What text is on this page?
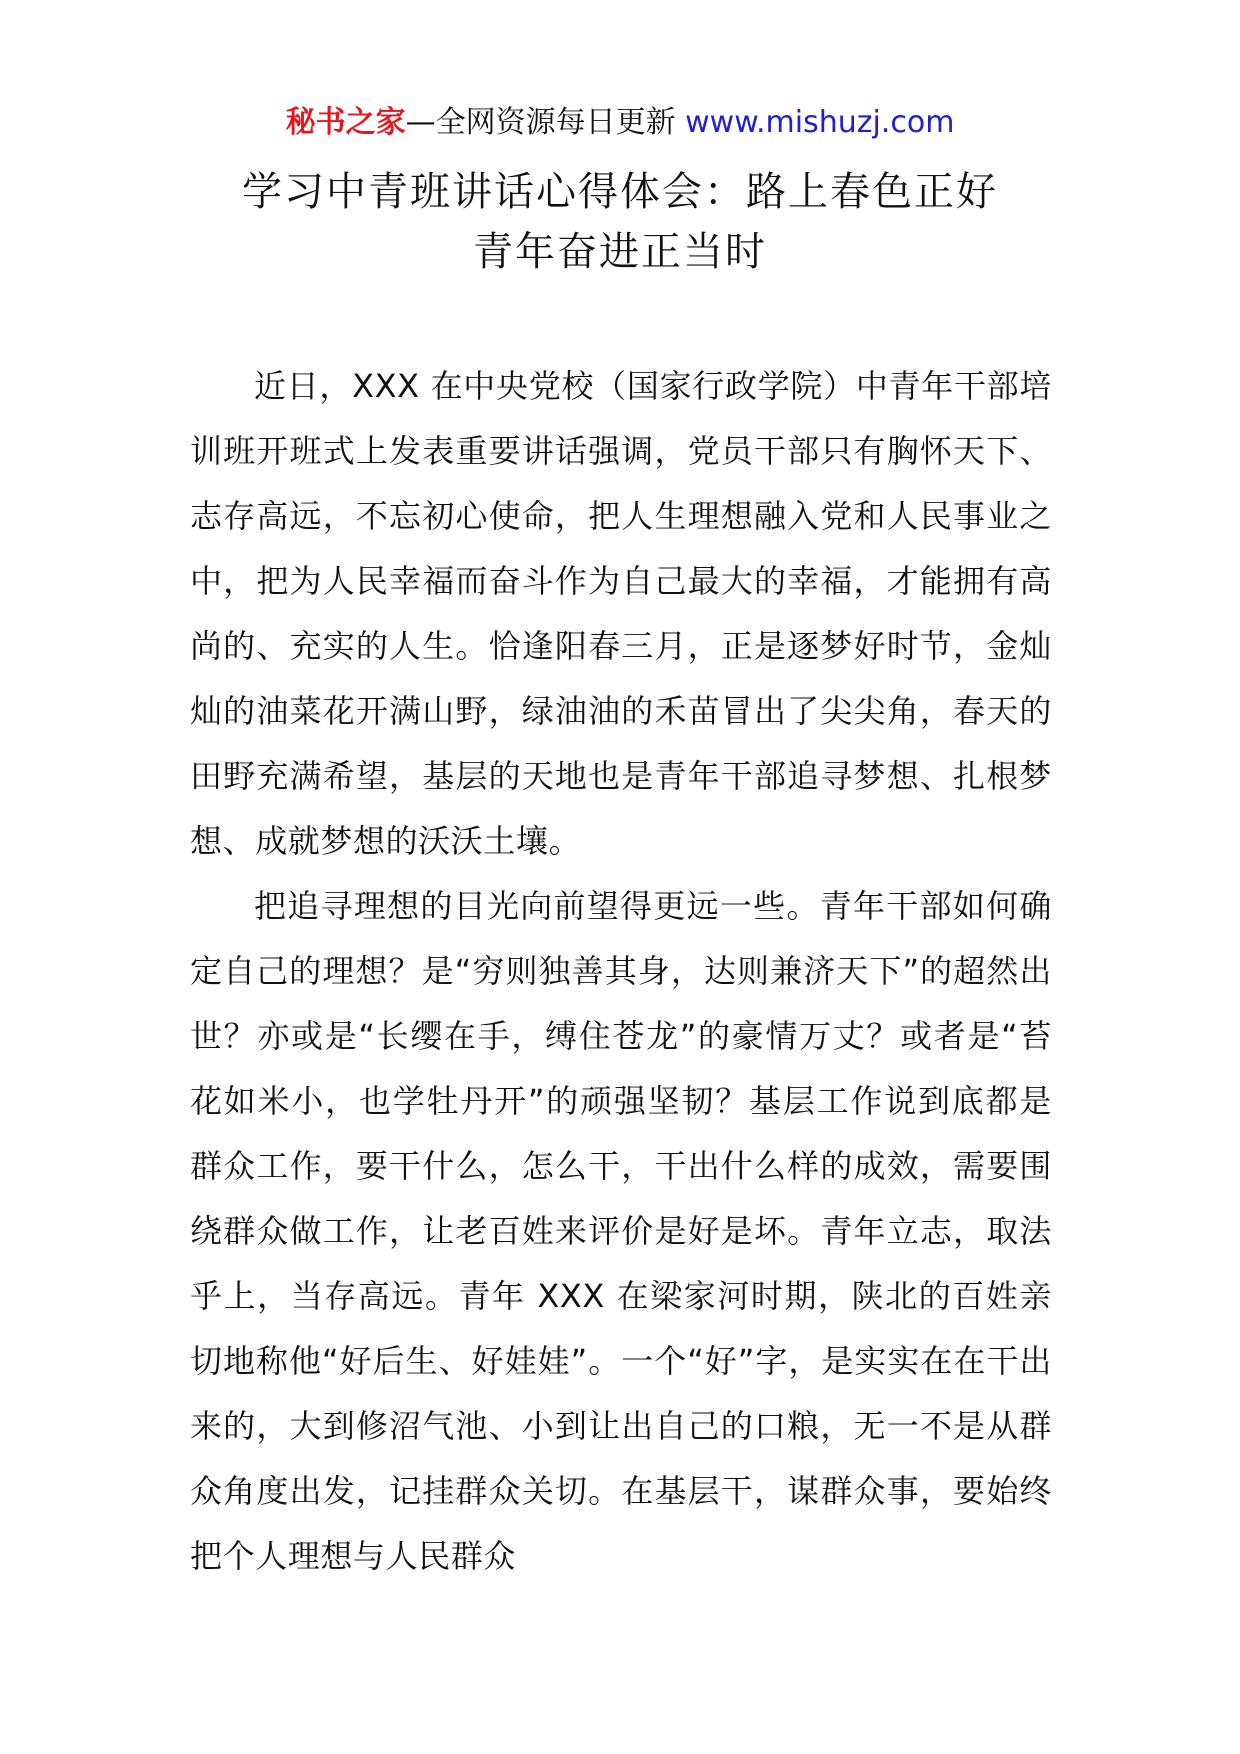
秘书之家—全网资源每日更新 www.mishuzj.com
学习中青班讲话心得体会：路上春色正好
青年奋进正当时

近日，XXX 在中央党校（国家行政学院）中青年干部培训班开班式上发表重要讲话强调，党员干部只有胸怀天下、志存高远，不忘初心使命，把人生理想融入党和人民事业之中，把为人民幸福而奋斗作为自己最大的幸福，才能拥有高尚的、充实的人生。恰逢阳春三月，正是逐梦好时节，金灿灿的油菜花开满山野，绿油油的禾苗冒出了尖尖角，春天的田野充满希望，基层的天地也是青年干部追寻梦想、扎根梦想、成就梦想的沃沃土壤。

把追寻理想的目光向前望得更远一些。青年干部如何确定自己的理想？是“穷则独善其身，达则兼济天下”的超然出世？亦或是“长缨在手，缚住苍龙”的豪情万丈？或者是“苔花如米小，也学牡丹开”的顽强坚韧？基层工作说到底都是群众工作，要干什么，怎么干，干出什么样的成效，需要围绕群众做工作，让老百姓来评价是好是坏。青年立志，取法乎上，当存高远。青年 XXX 在梁家河时期，陕北的百姓亲切地称他“好后生、好娃娃”。一个“好”字，是实实在在干出来的，大到修沼气池、小到让出自己的口粮，无一不是从群众角度出发，记挂群众关切。在基层干，谋群众事，要始终把个人理想与人民群众
